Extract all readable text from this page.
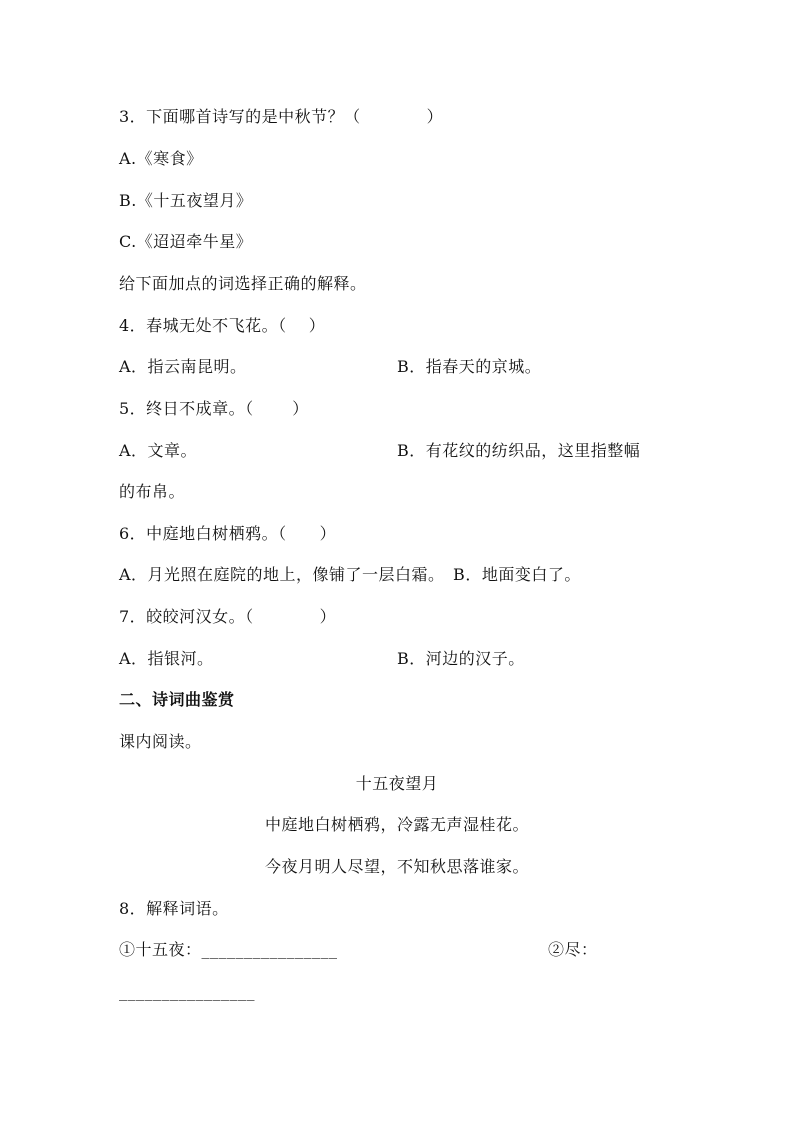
3．下面哪首诗写的是中秋节？（　　　　）
A.《寒食》
B.《十五夜望月》
C.《迢迢牵牛星》
给下面加点的词选择正确的解释。
4．春城无处不飞花。（　 ）
A．指云南昆明。	B．指春天的京城。
5．终日不成章。（　　 ）
A．文章。	B．有花纹的纺织品，这里指整幅
的布帛。
6．中庭地白树栖鸦。（　　）
A．月光照在庭院的地上，像铺了一层白霜。　B．地面变白了。
7．皎皎河汉女。（　　　　）
A．指银河。	B．河边的汉子。
二、诗词曲鉴赏
课内阅读。
十五夜望月
中庭地白树栖鸦，冷露无声湿桂花。
今夜月明人尽望，不知秋思落谁家。
8．解释词语。
①十五夜：________________	②尽：
________________
